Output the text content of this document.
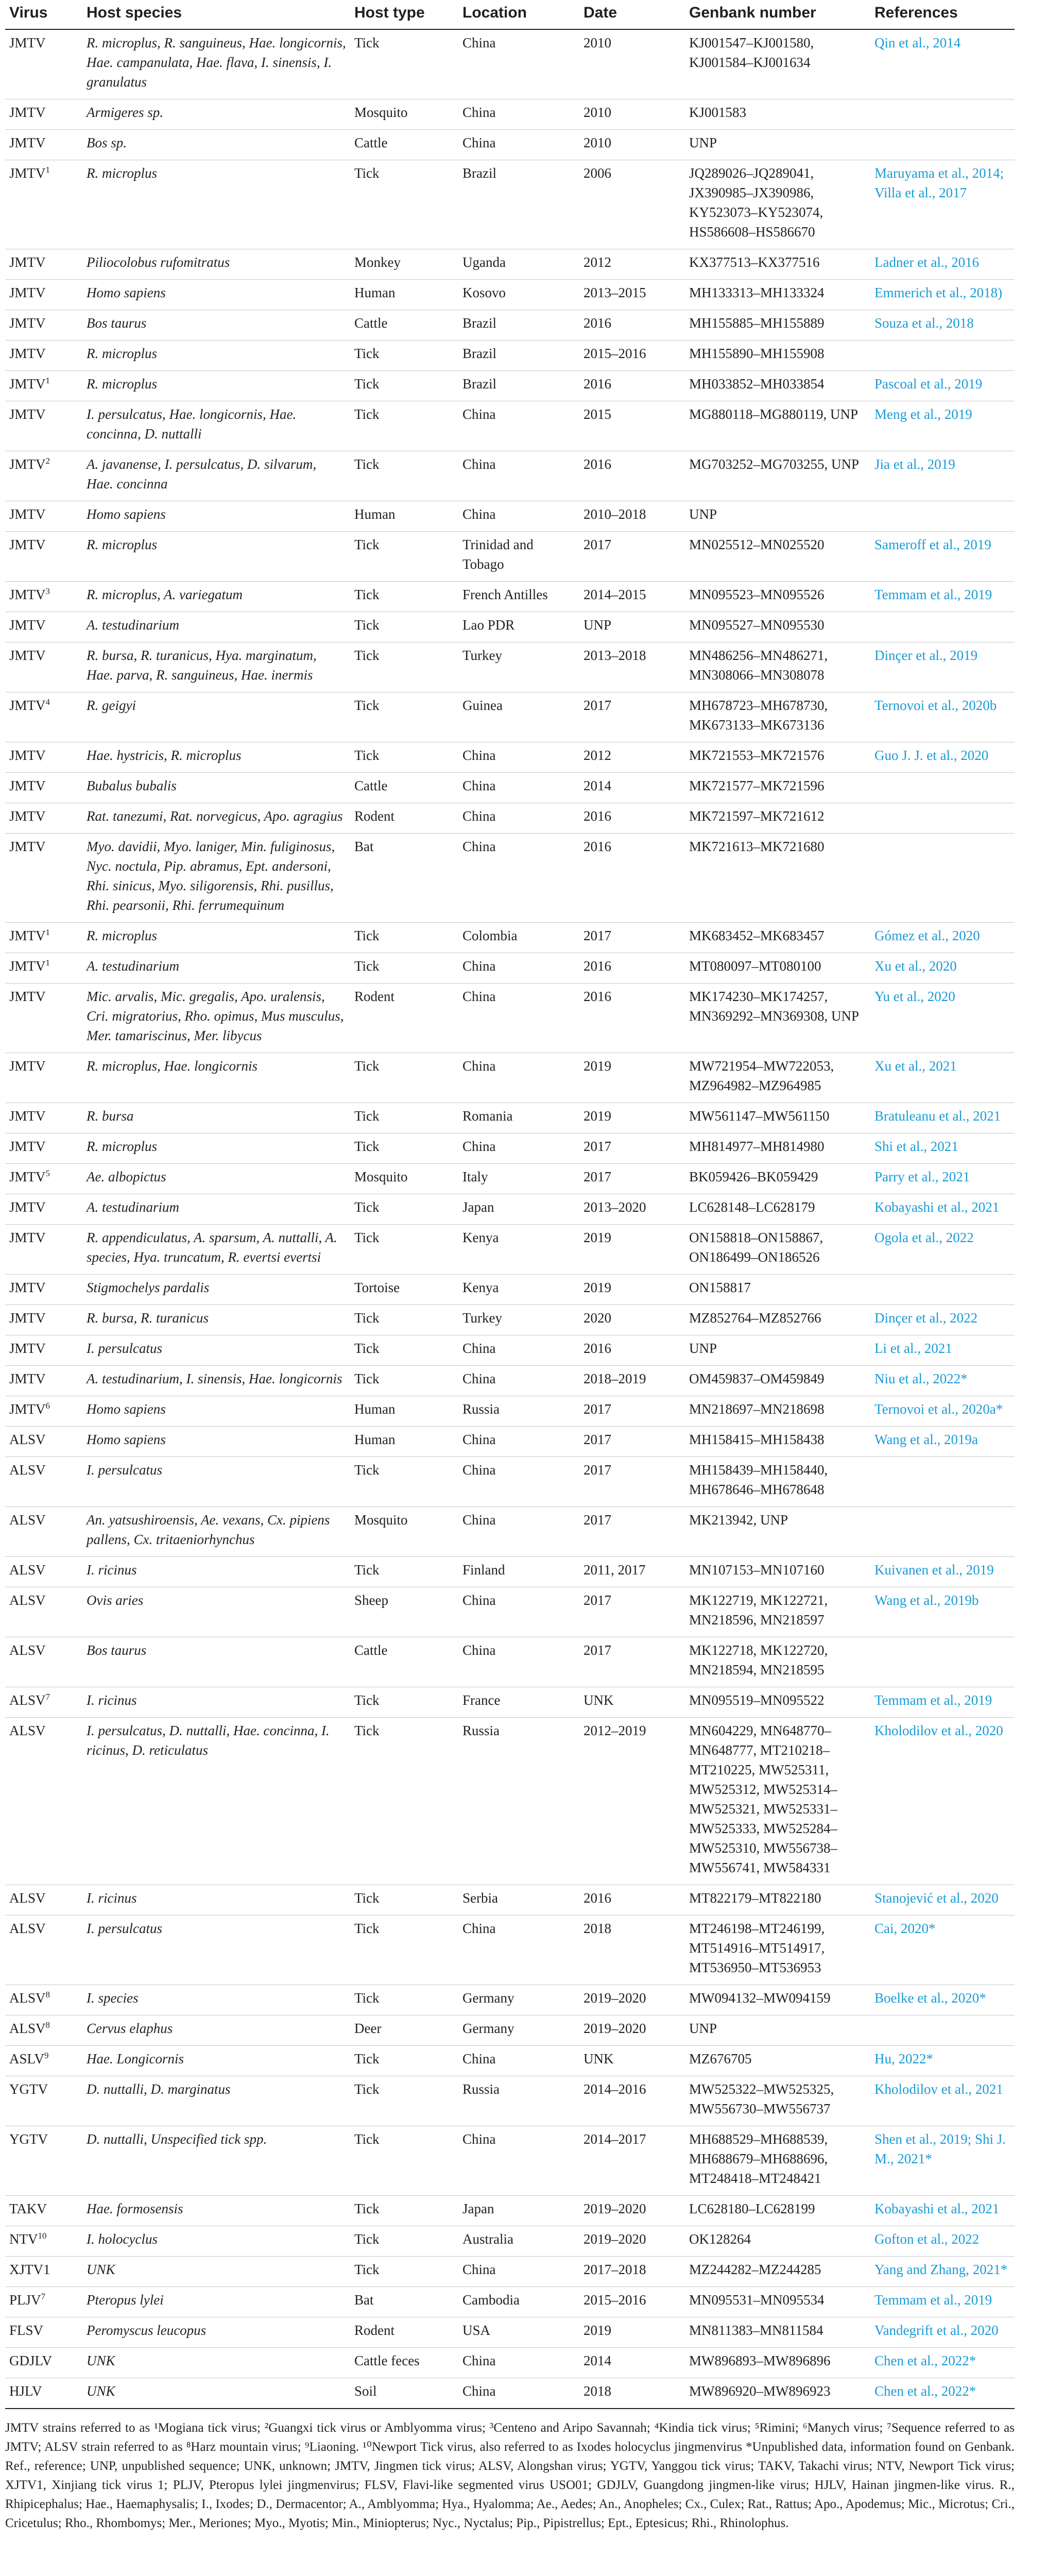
Virus	Host species	Host type	Location	Date	Genbank number	References
JMTV	R. microplus, R. sanguineus, Hae. longicornis, Hae. campanulata, Hae. flava, I. sinensis, I. granulatus	Tick	China	2010	KJ001547–KJ001580, KJ001584–KJ001634	Qin et al., 2014
JMTV	Armigeres sp.	Mosquito	China	2010	KJ001583	
JMTV	Bos sp.	Cattle	China	2010	UNP	
JMTV$^1$	R. microplus	Tick	Brazil	2006	JQ289026–JQ289041, JX390985–JX390986, KY523073–KY523074, HS586608–HS586670	Maruyama et al., 2014; Villa et al., 2017
JMTV	Piliocolobus rufomitratus	Monkey	Uganda	2012	KX377513–KX377516	Ladner et al., 2016
JMTV	Homo sapiens	Human	Kosovo	2013–2015	MH133313–MH133324	Emmerich et al., 2018)
JMTV	Bos taurus	Cattle	Brazil	2016	MH155885–MH155889	Souza et al., 2018
JMTV	R. microplus	Tick	Brazil	2015–2016	MH155890–MH155908	
JMTV$^1$	R. microplus	Tick	Brazil	2016	MH033852–MH033854	Pascoal et al., 2019
JMTV	I. persulcatus, Hae. longicornis, Hae. concinna, D. nuttalli	Tick	China	2015	MG880118–MG880119, UNP	Meng et al., 2019
JMTV$^2$	A. javanense, I. persulcatus, D. silvarum, Hae. concinna	Tick	China	2016	MG703252–MG703255, UNP	Jia et al., 2019
JMTV	Homo sapiens	Human	China	2010–2018	UNP	
JMTV	R. microplus	Tick	Trinidad and Tobago	2017	MN025512–MN025520	Sameroff et al., 2019
JMTV$^3$	R. microplus, A. variegatum	Tick	French Antilles	2014–2015	MN095523–MN095526	Temmam et al., 2019
JMTV	A. testudinarium	Tick	Lao PDR	UNP	MN095527–MN095530	
JMTV	R. bursa, R. turanicus, Hya. marginatum, Hae. parva, R. sanguineus, Hae. inermis	Tick	Turkey	2013–2018	MN486256–MN486271, MN308066–MN308078	Dinçer et al., 2019
JMTV$^4$	R. geigyi	Tick	Guinea	2017	MH678723–MH678730, MK673133–MK673136	Ternovoi et al., 2020b
JMTV	Hae. hystricis, R. microplus	Tick	China	2012	MK721553–MK721576	Guo J. J. et al., 2020
JMTV	Bubalus bubalis	Cattle	China	2014	MK721577–MK721596	
JMTV	Rat. tanezumi, Rat. norvegicus, Apo. agragius	Rodent	China	2016	MK721597–MK721612	
JMTV	Myo. davidii, Myo. laniger, Min. fuliginosus, Nyc. noctula, Pip. abramus, Ept. andersoni, Rhi. sinicus, Myo. siligorensis, Rhi. pusillus, Rhi. pearsonii, Rhi. ferrumequinum	Bat	China	2016	MK721613–MK721680	
JMTV$^1$	R. microplus	Tick	Colombia	2017	MK683452–MK683457	Gómez et al., 2020
JMTV$^1$	A. testudinarium	Tick	China	2016	MT080097–MT080100	Xu et al., 2020
JMTV	Mic. arvalis, Mic. gregalis, Apo. uralensis, Cri. migratorius, Rho. opimus, Mus musculus, Mer. tamariscinus, Mer. libycus	Rodent	China	2016	MK174230–MK174257, MN369292–MN369308, UNP	Yu et al., 2020
JMTV	R. microplus, Hae. longicornis	Tick	China	2019	MW721954–MW722053, MZ964982–MZ964985	Xu et al., 2021
JMTV	R. bursa	Tick	Romania	2019	MW561147–MW561150	Bratuleanu et al., 2021
JMTV	R. microplus	Tick	China	2017	MH814977–MH814980	Shi et al., 2021
JMTV$^5$	Ae. albopictus	Mosquito	Italy	2017	BK059426–BK059429	Parry et al., 2021
JMTV	A. testudinarium	Tick	Japan	2013–2020	LC628148–LC628179	Kobayashi et al., 2021
JMTV	R. appendiculatus, A. sparsum, A. nuttalli, A. species, Hya. truncatum, R. evertsi evertsi	Tick	Kenya	2019	ON158818–ON158867, ON186499–ON186526	Ogola et al., 2022
JMTV	Stigmochelys pardalis	Tortoise	Kenya	2019	ON158817	
JMTV	R. bursa, R. turanicus	Tick	Turkey	2020	MZ852764–MZ852766	Dinçer et al., 2022
JMTV	I. persulcatus	Tick	China	2016	UNP	Li et al., 2021
JMTV	A. testudinarium, I. sinensis, Hae. longicornis	Tick	China	2018–2019	OM459837–OM459849	Niu et al., 2022*
JMTV$^6$	Homo sapiens	Human	Russia	2017	MN218697–MN218698	Ternovoi et al., 2020a*
ALSV	Homo sapiens	Human	China	2017	MH158415–MH158438	Wang et al., 2019a
ALSV	I. persulcatus	Tick	China	2017	MH158439–MH158440, MH678646–MH678648	
ALSV	An. yatsushiroensis, Ae. vexans, Cx. pipiens pallens, Cx. tritaeniorhynchus	Mosquito	China	2017	MK213942, UNP	
ALSV	I. ricinus	Tick	Finland	2011, 2017	MN107153–MN107160	Kuivanen et al., 2019
ALSV	Ovis aries	Sheep	China	2017	MK122719, MK122721, MN218596, MN218597	Wang et al., 2019b
ALSV	Bos taurus	Cattle	China	2017	MK122718, MK122720, MN218594, MN218595	
ALSV$^7$	I. ricinus	Tick	France	UNK	MN095519–MN095522	Temmam et al., 2019
ALSV	I. persulcatus, D. nuttalli, Hae. concinna, I. ricinus, D. reticulatus	Tick	Russia	2012–2019	MN604229, MN648770–MN648777, MT210218–MT210225, MW525311, MW525312, MW525314–MW525321, MW525331–MW525333, MW525284–MW525310, MW556738–MW556741, MW584331	Kholodilov et al., 2020
ALSV	I. ricinus	Tick	Serbia	2016	MT822179–MT822180	Stanojević et al., 2020
ALSV	I. persulcatus	Tick	China	2018	MT246198–MT246199, MT514916–MT514917, MT536950–MT536953	Cai, 2020*
ALSV$^8$	I. species	Tick	Germany	2019–2020	MW094132–MW094159	Boelke et al., 2020*
ALSV$^8$	Cervus elaphus	Deer	Germany	2019–2020	UNP	
ASLV$^9$	Hae. Longicornis	Tick	China	UNK	MZ676705	Hu, 2022*
YGTV	D. nuttalli, D. marginatus	Tick	Russia	2014–2016	MW525322–MW525325, MW556730–MW556737	Kholodilov et al., 2021
YGTV	D. nuttalli, Unspecified tick spp.	Tick	China	2014–2017	MH688529–MH688539, MH688679–MH688696, MT248418–MT248421	Shen et al., 2019; Shi J. M., 2021*
TAKV	Hae. formosensis	Tick	Japan	2019–2020	LC628180–LC628199	Kobayashi et al., 2021
NTV$^{10}$	I. holocyclus	Tick	Australia	2019–2020	OK128264	Gofton et al., 2022
XJTV1	UNK	Tick	China	2017–2018	MZ244282–MZ244285	Yang and Zhang, 2021*
PLJV$^7$	Pteropus lylei	Bat	Cambodia	2015–2016	MN095531–MN095534	Temmam et al., 2019
FLSV	Peromyscus leucopus	Rodent	USA	2019	MN811383–MN811584	Vandegrift et al., 2020
GDJLV	UNK	Cattle feces	China	2014	MW896893–MW896896	Chen et al., 2022*
HJLV	UNK	Soil	China	2018	MW896920–MW896923	Chen et al., 2022*
JMTV strains referred to as ¹Mogiana tick virus; ²Guangxi tick virus or Amblyomma virus; ³Centeno and Aripo Savannah; ⁴Kindia tick virus; ⁵Rimini; ⁶Manych virus; ⁷Sequence referred to as JMTV; ALSV strain referred to as ⁸Harz mountain virus; ⁹Liaoning. ¹⁰Newport Tick virus, also referred to as Ixodes holocyclus jingmenvirus *Unpublished data, information found on Genbank. Ref., reference; UNP, unpublished sequence; UNK, unknown; JMTV, Jingmen tick virus; ALSV, Alongshan virus; YGTV, Yanggou tick virus; TAKV, Takachi virus; NTV, Newport Tick virus; XJTV1, Xinjiang tick virus 1; PLJV, Pteropus lylei jingmenvirus; FLSV, Flavi-like segmented virus USO01; GDJLV, Guangdong jingmen-like virus; HJLV, Hainan jingmen-like virus. R., Rhipicephalus; Hae., Haemaphysalis; I., Ixodes; D., Dermacentor; A., Amblyomma; Hya., Hyalomma; Ae., Aedes; An., Anopheles; Cx., Culex; Rat., Rattus; Apo., Apodemus; Mic., Microtus; Cri., Cricetulus; Rho., Rhombomys; Mer., Meriones; Myo., Myotis; Min., Miniopterus; Nyc., Nyctalus; Pip., Pipistrellus; Ept., Eptesicus; Rhi., Rhinolophus.
